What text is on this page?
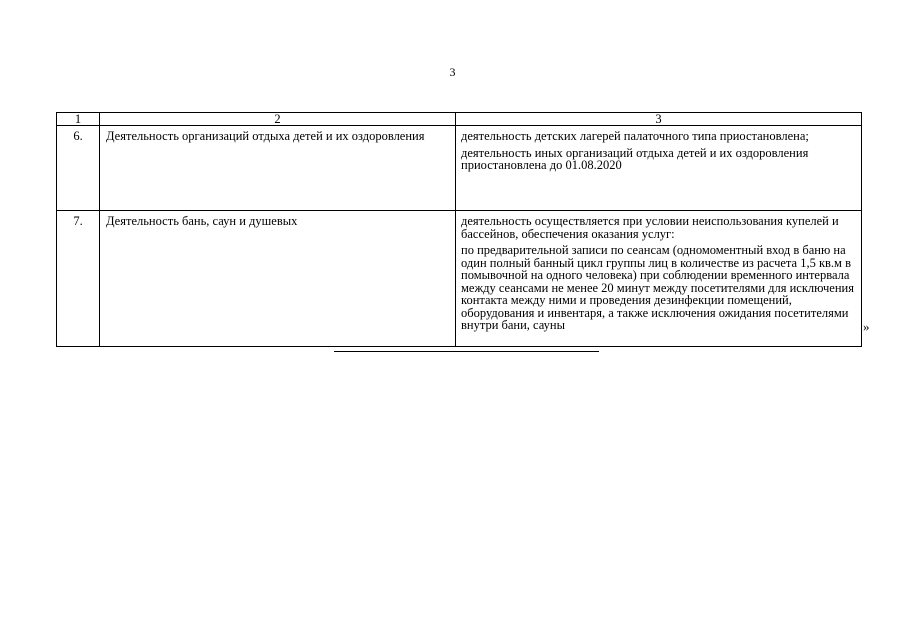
3
1	2	3
6.	Деятельность организаций отдыха детей и их оздоровления	деятельность детских лагерей палаточного типа приостановлена;
деятельность иных организаций отдыха детей и их оздоровления приостановлена до 01.08.2020

7.	Деятельность бань, саун и душевых	деятельность осуществляется при условии неиспользования купелей и бассейнов, обеспечения оказания услуг:
по предварительной записи по сеансам (одномоментный вход в баню на один полный банный цикл группы лиц в количестве из расчета 1,5 кв.м в помывочной на одного человека) при соблюдении временного интервала между сеансами не менее 20 минут между посетителями для исключения контакта между ними и проведения дезинфекции помещений, оборудования и инвентаря, а также исключения ожидания посетителями внутри бани, сауны	»
